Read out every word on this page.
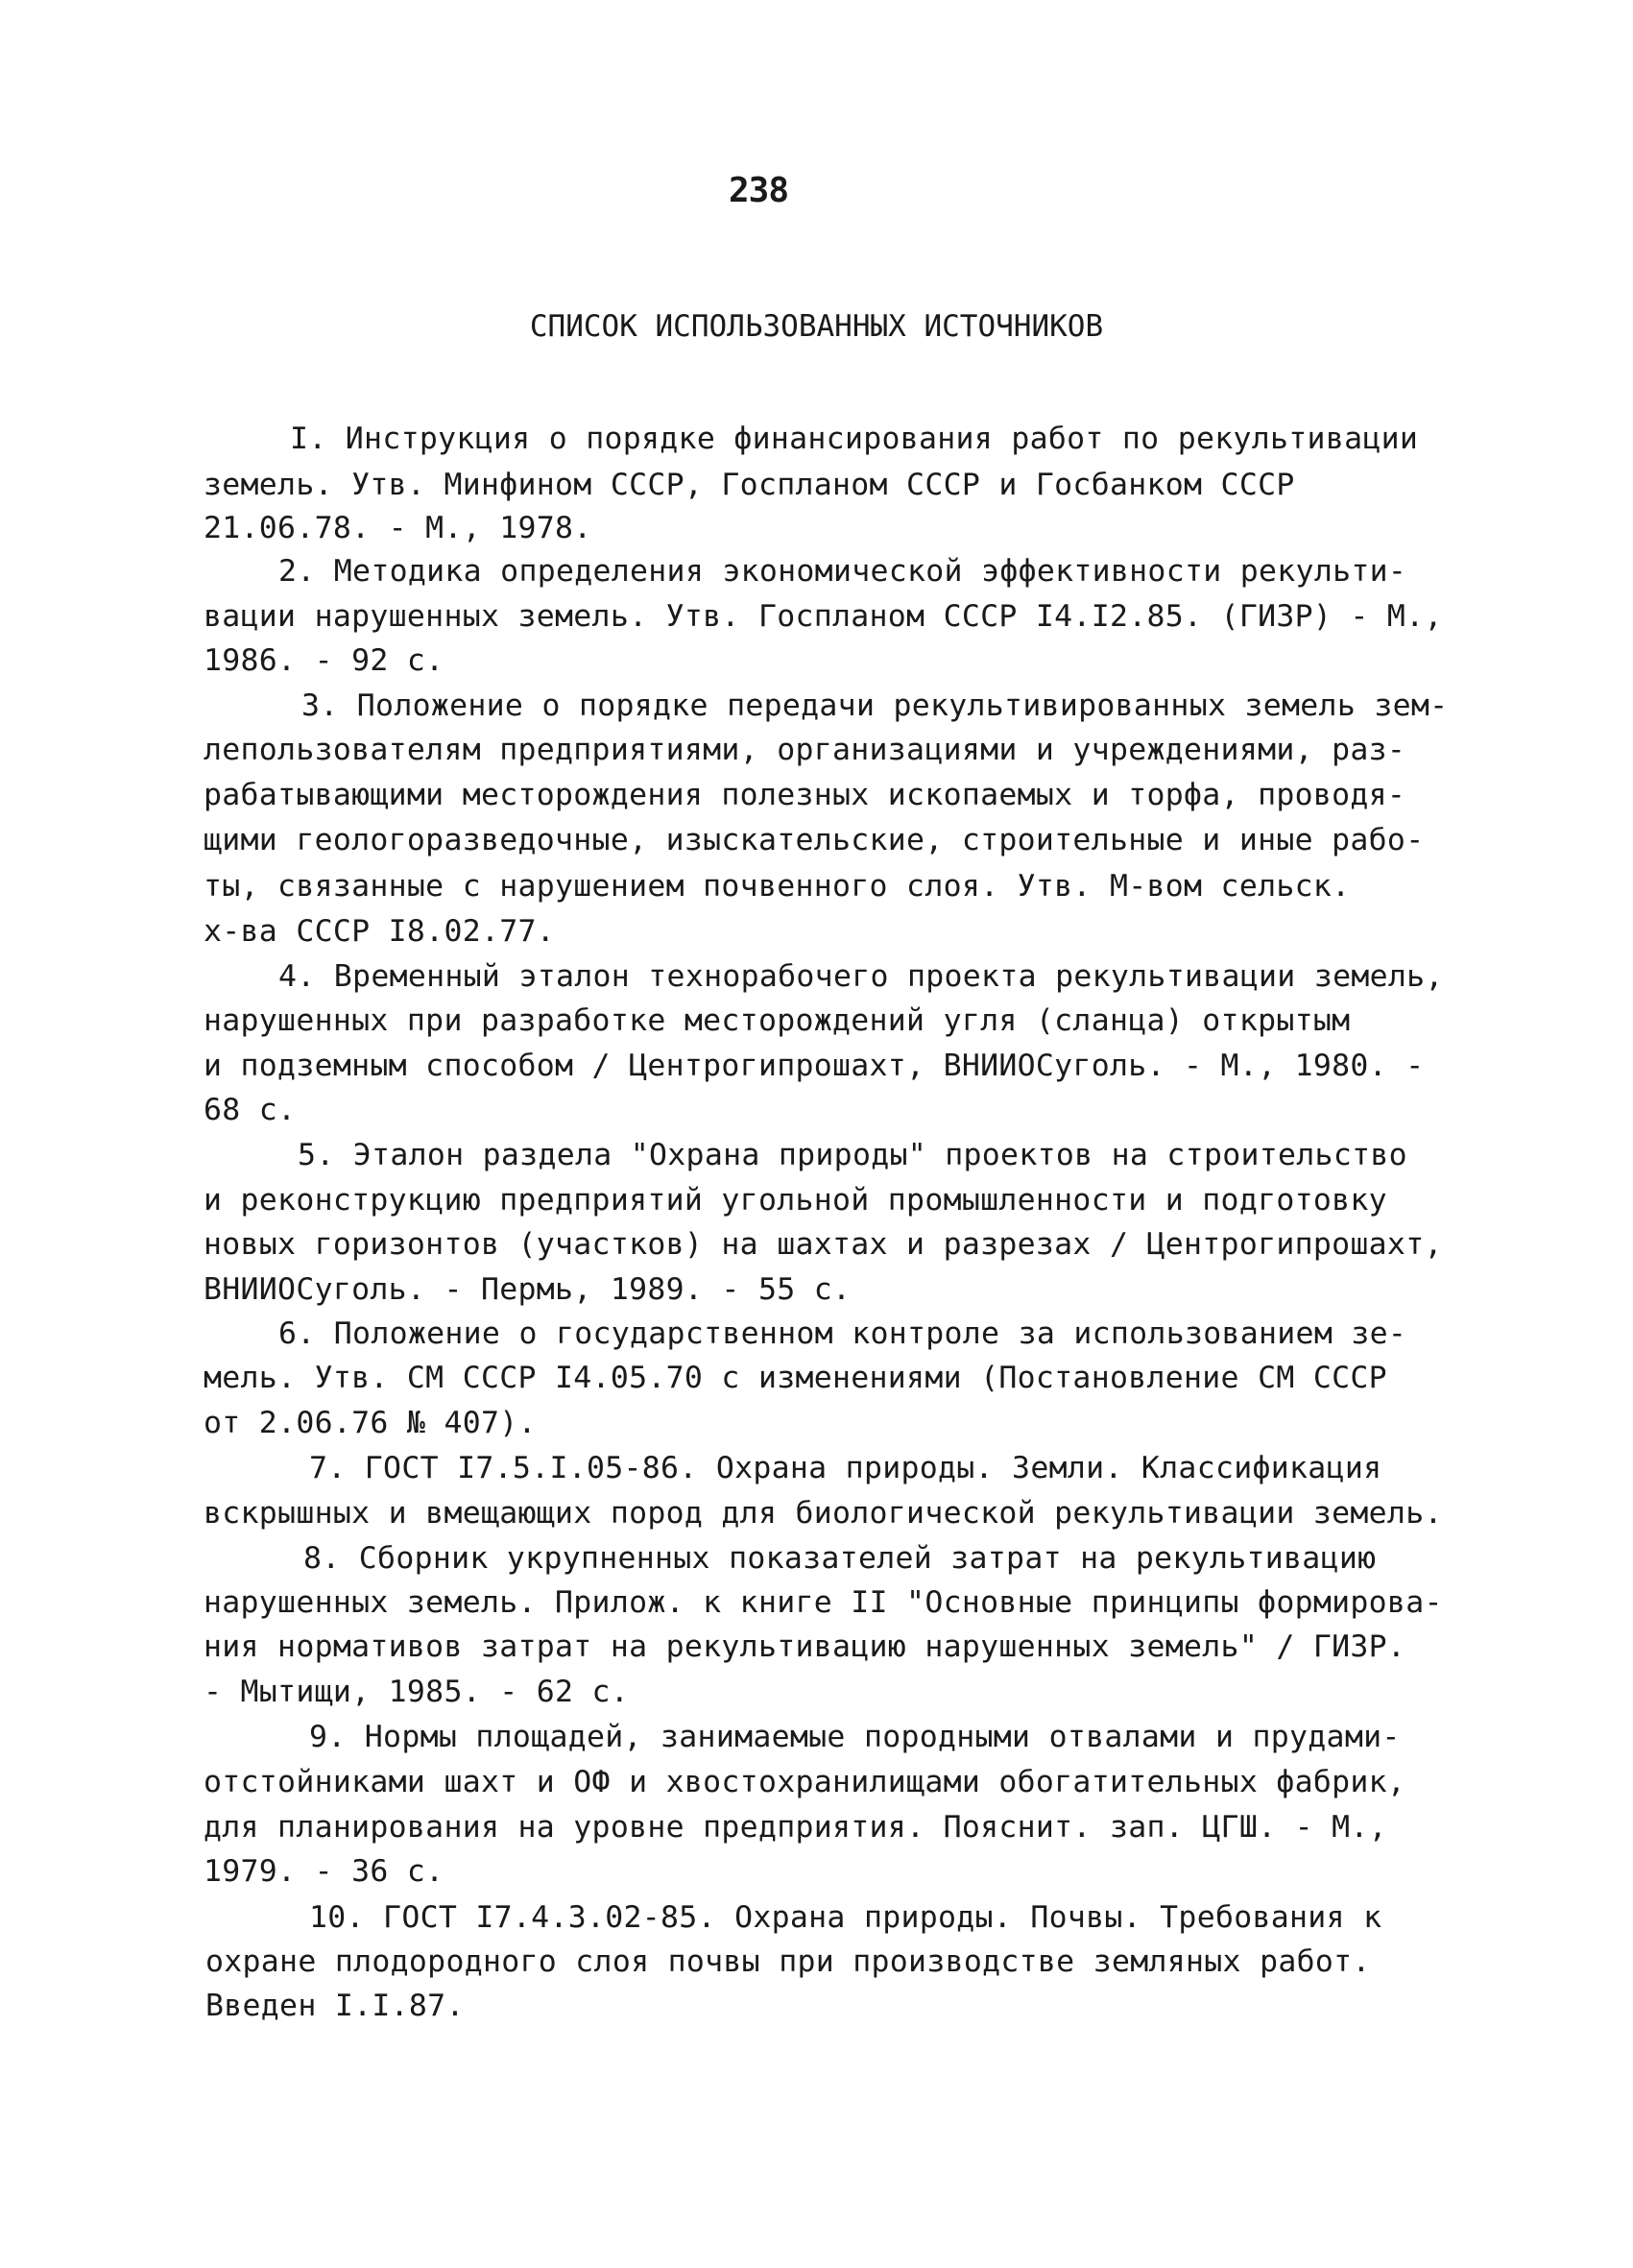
238
СПИСОК ИСПОЛЬЗОВАННЫХ ИСТОЧНИКОВ
I. Инструкция о порядке финансирования работ по рекультивации
земель. Утв. Минфином СССР, Госпланом СССР и Госбанком СССР
21.06.78. - М., 1978.
2. Методика определения экономической эффективности рекульти-
вации нарушенных земель. Утв. Госпланом СССР I4.I2.85. (ГИЗР) - М.,
1986. - 92 с.
3. Положение о порядке передачи рекультивированных земель зем-
лепользователям предприятиями, организациями и учреждениями, раз-
рабатывающими месторождения полезных ископаемых и торфа, проводя-
щими геологоразведочные, изыскательские, строительные и иные рабо-
ты, связанные с нарушением почвенного слоя. Утв. М-вом сельск.
х-ва СССР I8.02.77.
4. Временный эталон технорабочего проекта рекультивации земель,
нарушенных при разработке месторождений угля (сланца) открытым
и подземным способом / Центрогипрошахт, ВНИИОСуголь. - М., 1980. -
68 с.
5. Эталон раздела "Охрана природы" проектов на строительство
и реконструкцию предприятий угольной промышленности и подготовку
новых горизонтов (участков) на шахтах и разрезах / Центрогипрошахт,
ВНИИОСуголь. - Пермь, 1989. - 55 с.
6. Положение о государственном контроле за использованием зе-
мель. Утв. СМ СССР I4.05.70 с изменениями (Постановление СМ СССР
от 2.06.76 № 407).
7. ГОСТ I7.5.I.05-86. Охрана природы. Земли. Классификация
вскрышных и вмещающих пород для биологической рекультивации земель.
8. Сборник укрупненных показателей затрат на рекультивацию
нарушенных земель. Прилож. к книге II "Основные принципы формирова-
ния нормативов затрат на рекультивацию нарушенных земель" / ГИЗР.
- Мытищи, 1985. - 62 с.
9. Нормы площадей, занимаемые породными отвалами и прудами-
отстойниками шахт и ОФ и хвостохранилищами обогатительных фабрик,
для планирования на уровне предприятия. Пояснит. зап. ЦГШ. - М.,
1979. - 36 с.
10. ГОСТ I7.4.3.02-85. Охрана природы. Почвы. Требования к
охране плодородного слоя почвы при производстве земляных работ.
Введен I.I.87.
